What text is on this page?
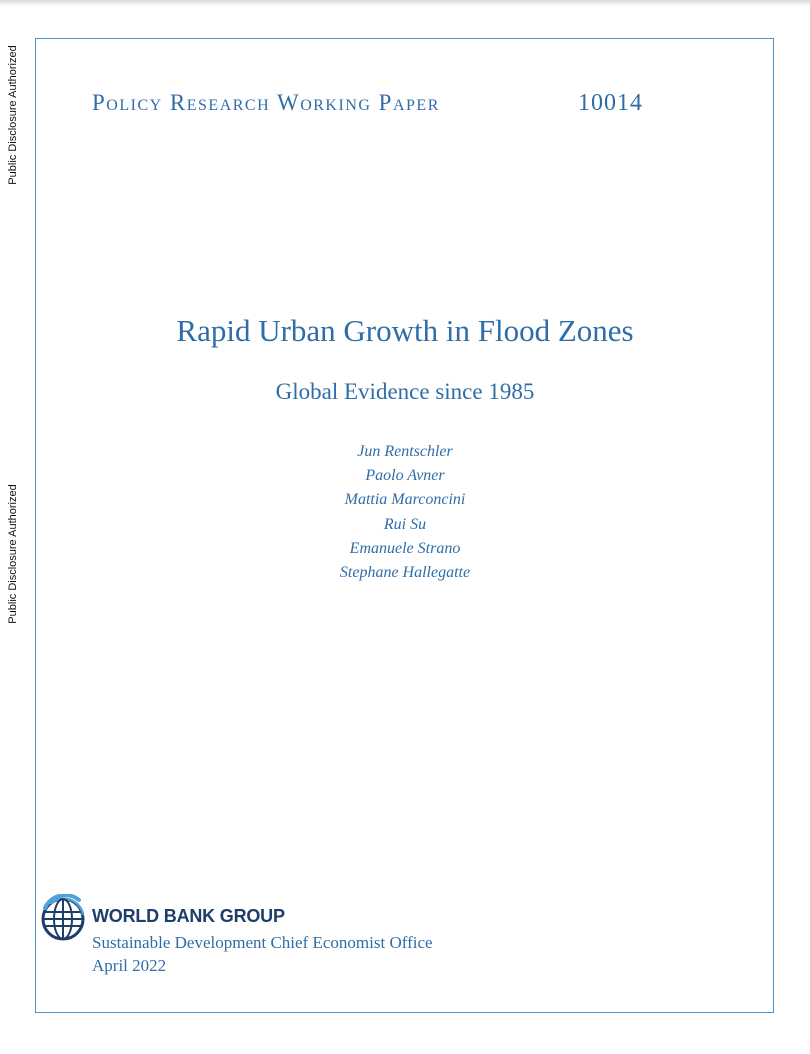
Public Disclosure Authorized
Public Disclosure Authorized
Policy Research Working Paper	10014
Rapid Urban Growth in Flood Zones
Global Evidence since 1985
Jun Rentschler
Paolo Avner
Mattia Marconcini
Rui Su
Emanuele Strano
Stephane Hallegatte
WORLD BANK GROUP
Sustainable Development Chief Economist Office
April 2022
